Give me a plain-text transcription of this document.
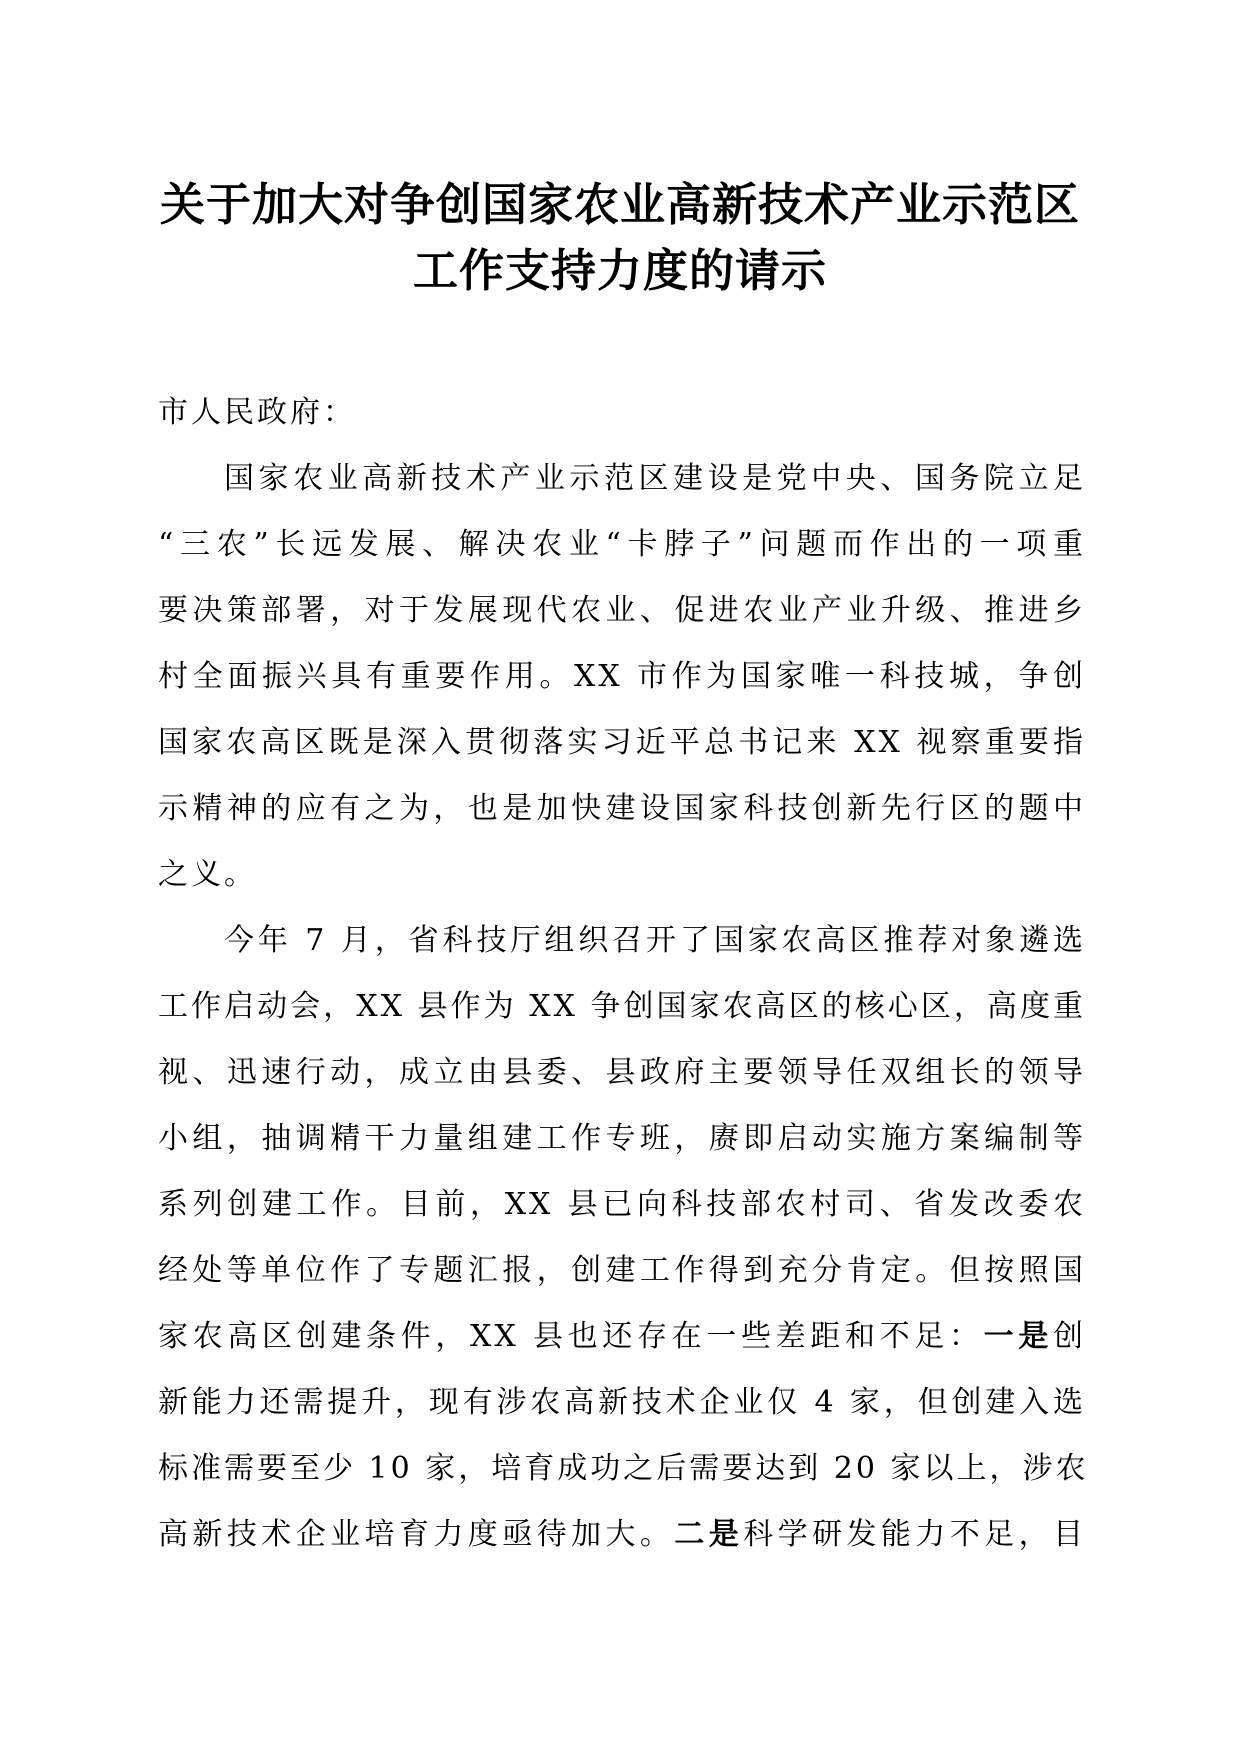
关于加大对争创国家农业高新技术产业示范区
工作支持力度的请示
市人民政府：
国家农业高新技术产业示范区建设是党中央、国务院立足
“三农”长远发展、解决农业“卡脖子”问题而作出的一项重
要决策部署，对于发展现代农业、促进农业产业升级、推进乡
村全面振兴具有重要作用。XX 市作为国家唯一科技城，争创
国家农高区既是深入贯彻落实习近平总书记来 XX 视察重要指
示精神的应有之为，也是加快建设国家科技创新先行区的题中
之义。
今年 7 月，省科技厅组织召开了国家农高区推荐对象遴选
工作启动会，XX 县作为 XX 争创国家农高区的核心区，高度重
视、迅速行动，成立由县委、县政府主要领导任双组长的领导
小组，抽调精干力量组建工作专班，赓即启动实施方案编制等
系列创建工作。目前，XX 县已向科技部农村司、省发改委农
经处等单位作了专题汇报，创建工作得到充分肯定。但按照国
家农高区创建条件，XX 县也还存在一些差距和不足：一是创
新能力还需提升，现有涉农高新技术企业仅 4 家，但创建入选
标准需要至少 10 家，培育成功之后需要达到 20 家以上，涉农
高新技术企业培育力度亟待加大。二是科学研发能力不足，目
